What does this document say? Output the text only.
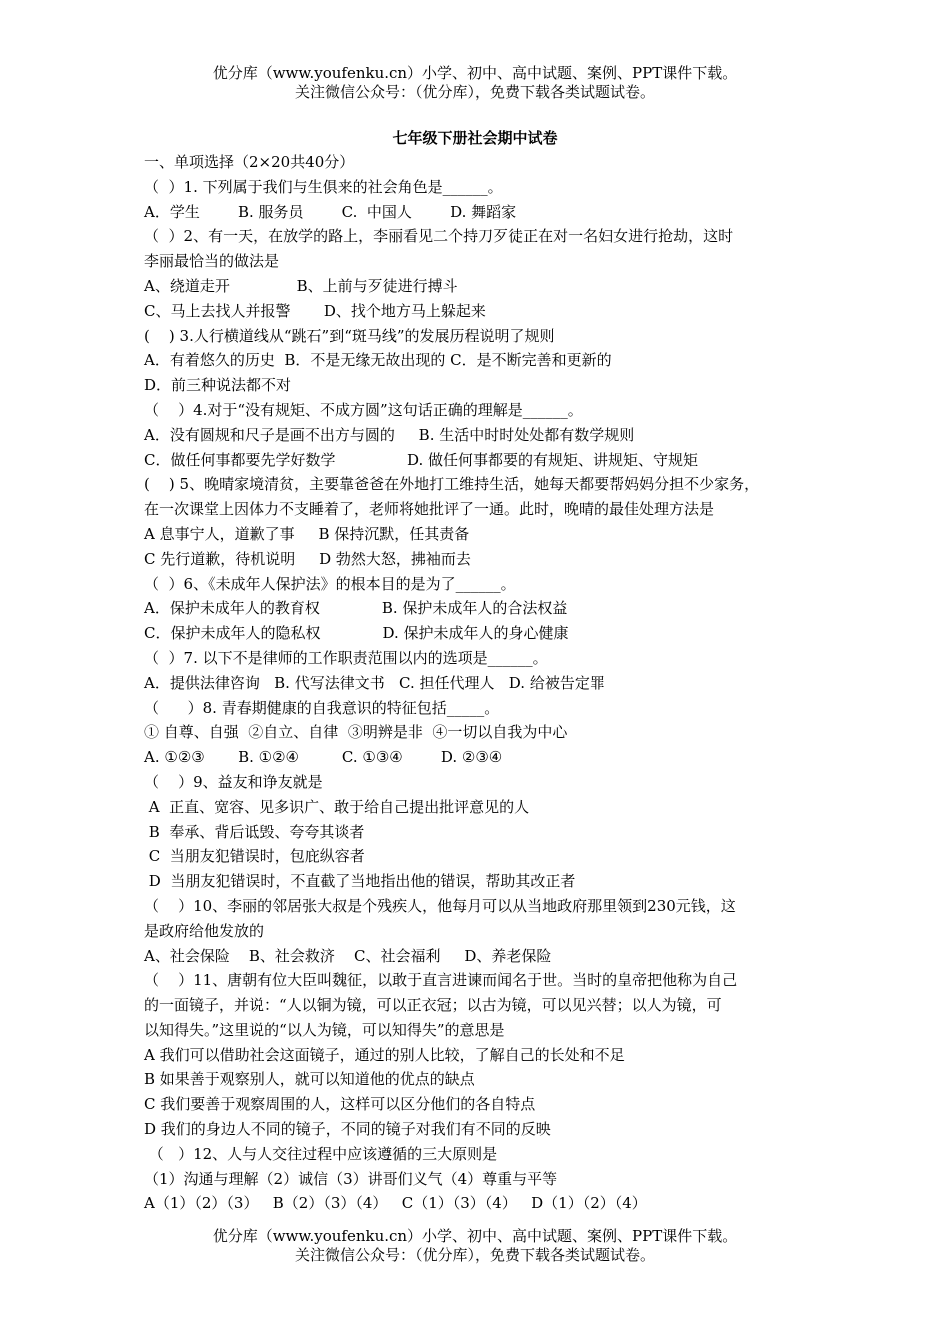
优分库（www.youfenku.cn）小学、初中、高中试题、案例、PPT课件下载。
关注微信公众号：（优分库），免费下载各类试题试卷。
七年级下册社会期中试卷
一、单项选择（2×20共40分）
（  ）1. 下列属于我们与生俱来的社会角色是______。
A．学生        B. 服务员        C.  中国人        D. 舞蹈家
（  ）2、有一天，在放学的路上，李丽看见二个持刀歹徒正在对一名妇女进行抢劫，这时
李丽最恰当的做法是
A、绕道走开              B、上前与歹徒进行搏斗
C、马上去找人并报警       D、找个地方马上躲起来
(    ) 3.人行横道线从“跳石”到“斑马线”的发展历程说明了规则
A．有着悠久的历史  B．不是无缘无故出现的 C．是不断完善和更新的
D．前三种说法都不对
（    ）4.对于“没有规矩、不成方圆”这句话正确的理解是______。
A．没有圆规和尺子是画不出方与圆的     B. 生活中时时处处都有数学规则
C．做任何事都要先学好数学               D. 做任何事都要的有规矩、讲规矩、守规矩
(    ) 5、晚晴家境清贫，主要靠爸爸在外地打工维持生活，她每天都要帮妈妈分担不少家务，
在一次课堂上因体力不支睡着了，老师将她批评了一通。此时，晚晴的最佳处理方法是
A 息事宁人，道歉了事     B 保持沉默，任其责备
C 先行道歉，待机说明     D 勃然大怒，拂袖而去
（  ）6、《未成年人保护法》的根本目的是为了______。
A．保护未成年人的教育权             B. 保护未成年人的合法权益
C．保护未成年人的隐私权             D. 保护未成年人的身心健康
（  ）7. 以下不是律师的工作职责范围以内的选项是______。
A．提供法律咨询   B. 代写法律文书   C. 担任代理人   D. 给被告定罪
（      ）8. 青春期健康的自我意识的特征包括_____。
① 自尊、自强  ②自立、自律  ③明辨是非  ④一切以自我为中心
A. ①②③       B. ①②④         C. ①③④        D. ②③④
（    ）9、益友和诤友就是
A  正直、宽容、见多识广、敢于给自己提出批评意见的人
B  奉承、背后诋毁、夸夸其谈者
C  当朋友犯错误时，包庇纵容者
D  当朋友犯错误时，不直截了当地指出他的错误，帮助其改正者
（    ）10、李丽的邻居张大叔是个残疾人，他每月可以从当地政府那里领到230元钱，这
是政府给他发放的
A、社会保险    B、社会救济    C、社会福利     D、养老保险
（    ）11、唐朝有位大臣叫魏征，以敢于直言进谏而闻名于世。当时的皇帝把他称为自己
的一面镜子，并说：“人以铜为镜，可以正衣冠；以古为镜，可以见兴替；以人为镜，可
以知得失。”这里说的“以人为镜，可以知得失”的意思是
A 我们可以借助社会这面镜子，通过的别人比较，了解自己的长处和不足
B 如果善于观察别人，就可以知道他的优点的缺点
C 我们要善于观察周围的人，这样可以区分他们的各自特点
D 我们的身边人不同的镜子，不同的镜子对我们有不同的反映
（   ）12、人与人交往过程中应该遵循的三大原则是
（1）沟通与理解（2）诚信（3）讲哥们义气（4）尊重与平等
A（1）（2）（3）   B（2）（3）（4）   C（1）（3）（4）   D（1）（2）（4）
优分库（www.youfenku.cn）小学、初中、高中试题、案例、PPT课件下载。
关注微信公众号：（优分库），免费下载各类试题试卷。
